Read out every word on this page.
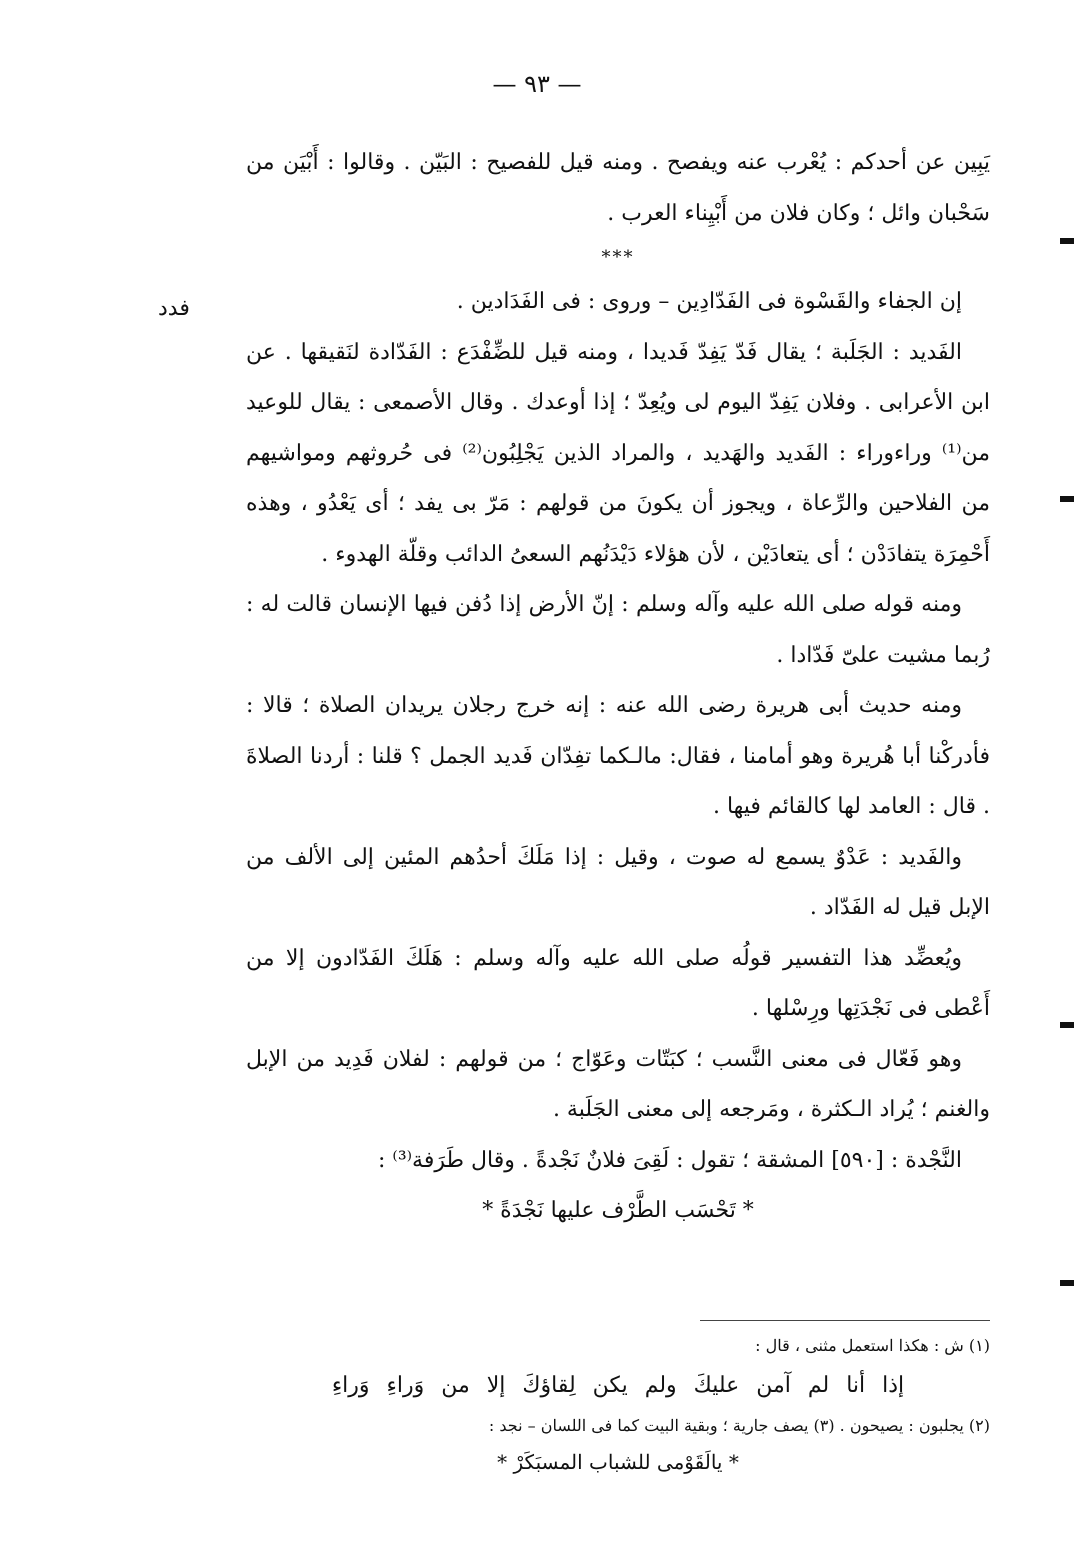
— ٩٣ —
فدد

يَبِين عن أحدكم : يُعْرب عنه ويفصح . ومنه قيل للفصيح : البَيّن . وقالوا : أَبْيَن من سَحْبان وائل ؛ وكان فلان من أَبْيِناء العرب .

***

إن الجفاء والقَسْوة فى الفَدّادِين – وروى : فى الفَدَادين .

الفَديد : الجَلَبة ؛ يقال فَدّ يَفِدّ فَديدا ، ومنه قيل للضِّفْدَع : الفَدّادة لنَقيقها . عن ابن الأعرابى . وفلان يَفِدّ اليوم لى ويُعِدّ ؛ إذا أوعدك . وقال الأصمعى : يقال للوعيد من⁽¹⁾ وراءوراء : الفَديد والهَديد ، والمراد الذين يَجْلِبُون⁽²⁾ فى حُروثهم ومواشيهم من الفلاحين والرِّعاة ، ويجوز أن يكونَ من قولهم : مَرّ بى يفد ؛ أى يَعْدُو ، وهذه أَحْمِرَة يتفادَدْن ؛ أى يتعادَيْن ، لأن هؤلاء دَيْدَنُهم السعىُ الدائب وقلّة الهدوء .

ومنه قوله صلى الله عليه وآله وسلم : إنّ الأرض إذا دُفن فيها الإنسان قالت له : رُبما مشيت علىّ فَدّادا .

ومنه حديث أبى هريرة رضى الله عنه : إنه خرج رجلان يريدان الصلاة ؛ قالا : فأدركْنا أبا هُريرة وهو أمامنا ، فقال: مالـكما تفِدّان فَديد الجمل ؟ قلنا : أردنا الصلاةَ . قال : العامد لها كالقائم فيها .

والفَديد : عَدْوٌ يسمع له صوت ، وقيل : إذا مَلَكَ أحدُهم المئين إلى الألف من الإبل قيل له الفَدّاد .

ويُعضِّد هذا التفسير قولُه صلى الله عليه وآله وسلم : هَلَكَ الفَدّادون إلا من أَعْطى فى نَجْدَتِها ورِسْلها .

وهو فَعّال فى معنى النَّسب ؛ كبَتّات وعَوّاج ؛ من قولهم : لفلان فَدِيد من الإبل والغنم ؛ يُراد الـكثرة ، ومَرجعه إلى معنى الجَلَبة .

النَّجْدة : [٥٩٠] المشقة ؛ تقول : لَقِىَ فلانٌ نَجْدةً . وقال طَرَفة⁽³⁾ :

* تَحْسَب الطَّرْف عليها نَجْدَةً *

(١) ش : هكذا استعمل مثنى ، قال :

إذا أنا لم آمن عليكَ ولم يكن لِقاؤكَ إلا من وَراءِ وَراءِ

(٢) يجلبون : يصيحون . (٣) يصف جارية ؛ وبقية البيت كما فى اللسان – نجد :

* يالَقَوْمى للشباب المسبَكَرْ *
